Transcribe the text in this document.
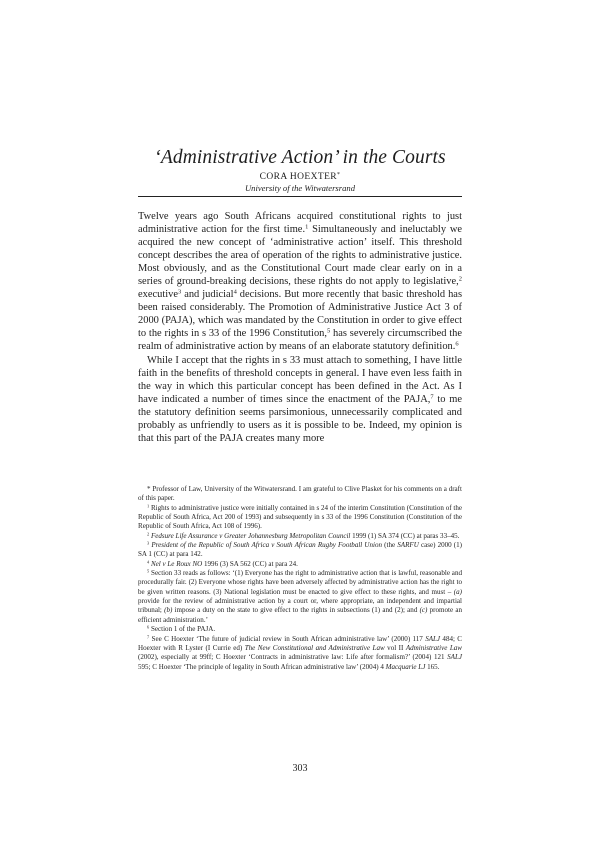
‘Administrative Action’ in the Courts
CORA HOEXTER*
University of the Witwatersrand

Twelve years ago South Africans acquired constitutional rights to just administrative action for the first time.$^1$ Simultaneously and ineluctably we acquired the new concept of ‘administrative action’ itself. This threshold concept describes the area of operation of the rights to administrative justice. Most obviously, and as the Constitutional Court made clear early on in a series of ground-breaking decisions, these rights do not apply to legislative,$^2$ executive$^3$ and judicial$^4$ decisions. But more recently that basic threshold has been raised considerably. The Promotion of Administrative Justice Act 3 of 2000 (PAJA), which was mandated by the Constitution in order to give effect to the rights in s 33 of the 1996 Constitution,$^5$ has severely circumscribed the realm of administrative action by means of an elaborate statutory definition.$^6$

While I accept that the rights in s 33 must attach to something, I have little faith in the benefits of threshold concepts in general. I have even less faith in the way in which this particular concept has been defined in the Act. As I have indicated a number of times since the enactment of the PAJA,$^7$ to me the statutory definition seems parsimonious, unnecessarily complicated and probably as unfriendly to users as it is possible to be. Indeed, my opinion is that this part of the PAJA creates many more

* Professor of Law, University of the Witwatersrand. I am grateful to Clive Plasket for his comments on a draft of this paper.

$^1$ Rights to administrative justice were initially contained in s 24 of the interim Constitution (Constitution of the Republic of South Africa, Act 200 of 1993) and subsequently in s 33 of the 1996 Constitution (Constitution of the Republic of South Africa, Act 108 of 1996).

$^2$ Fedsure Life Assurance v Greater Johannesburg Metropolitan Council 1999 (1) SA 374 (CC) at paras 33–45.

$^3$ President of the Republic of South Africa v South African Rugby Football Union (the SARFU case) 2000 (1) SA 1 (CC) at para 142.

$^4$ Nel v Le Roux NO 1996 (3) SA 562 (CC) at para 24.

$^5$ Section 33 reads as follows: ‘(1) Everyone has the right to administrative action that is lawful, reasonable and procedurally fair. (2) Everyone whose rights have been adversely affected by administrative action has the right to be given written reasons. (3) National legislation must be enacted to give effect to these rights, and must – (a) provide for the review of administrative action by a court or, where appropriate, an independent and impartial tribunal; (b) impose a duty on the state to give effect to the rights in subsections (1) and (2); and (c) promote an efficient administration.’

$^6$ Section 1 of the PAJA.

$^7$ See C Hoexter ‘The future of judicial review in South African administrative law’ (2000) 117 SALJ 484; C Hoexter with R Lyster (I Currie ed) The New Constitutional and Administrative Law vol II Administrative Law (2002), especially at 99ff; C Hoexter ‘Contracts in administrative law: Life after formalism?’ (2004) 121 SALJ 595; C Hoexter ‘The principle of legality in South African administrative law’ (2004) 4 Macquarie LJ 165.

303
